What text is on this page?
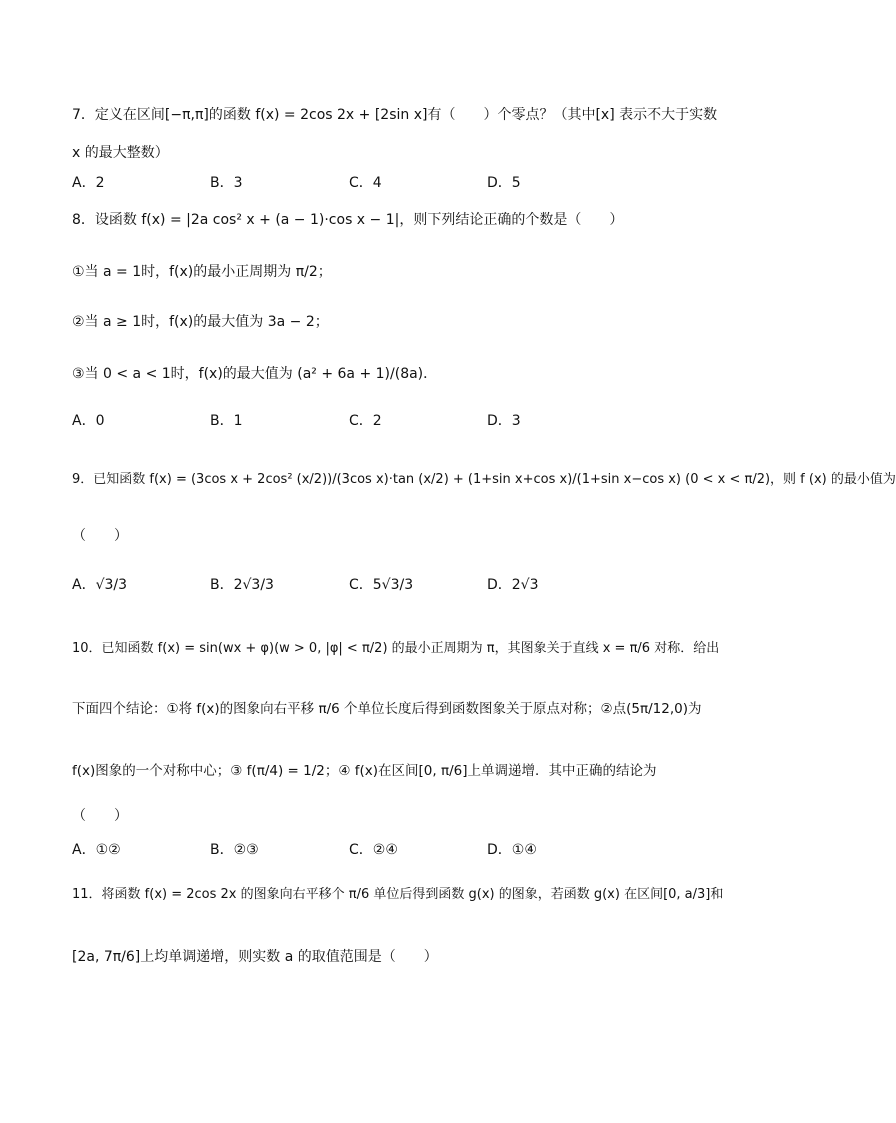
7．定义在区间[−π,π]的函数 f(x) = 2cos 2x + [2sin x]有（　　）个零点？（其中[x] 表示不大于实数
x 的最大整数）
A．2	B．3	C．4	D．5
8．设函数 f(x) = |2a cos² x + (a − 1)·cos x − 1|，则下列结论正确的个数是（　　）
①当 a = 1时，f(x)的最小正周期为 π/2；
②当 a ≥ 1时，f(x)的最大值为 3a − 2；
③当 0 < a < 1时，f(x)的最大值为 (a² + 6a + 1)/(8a)．
A．0	B．1	C．2	D．3
9．已知函数 f(x) = (3cos x + 2cos² (x/2))/(3cos x)·tan (x/2) + (1+sin x+cos x)/(1+sin x−cos x) (0 < x < π/2)，则 f (x) 的最小值为
（　　）
A．√3/3	B．2√3/3	C．5√3/3	D．2√3
10．已知函数 f(x) = sin(wx + φ)(w > 0, |φ| < π/2) 的最小正周期为 π，其图象关于直线 x = π/6 对称．给出
下面四个结论：①将 f(x)的图象向右平移 π/6 个单位长度后得到函数图象关于原点对称；②点(5π/12,0)为
f(x)图象的一个对称中心；③ f(π/4) = 1/2；④ f(x)在区间[0, π/6]上单调递增．其中正确的结论为
（　　）
A．①②	B．②③	C．②④	D．①④
11．将函数 f(x) = 2cos 2x 的图象向右平移个 π/6 单位后得到函数 g(x) 的图象，若函数 g(x) 在区间[0, a/3]和
[2a, 7π/6]上均单调递增，则实数 a 的取值范围是（　　）
